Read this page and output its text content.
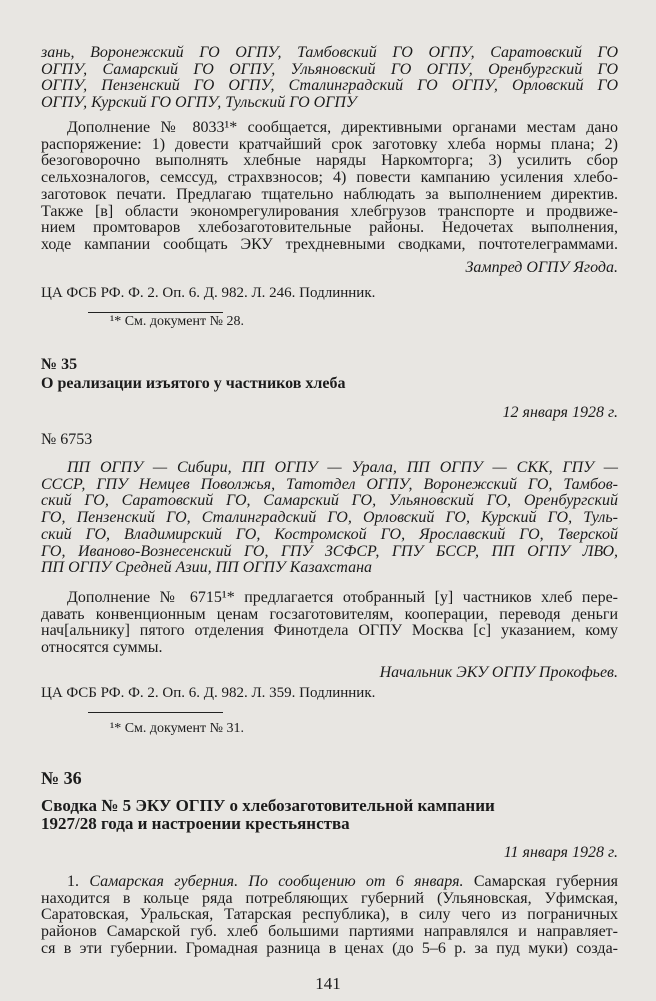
зань, Воронежский ГО ОГПУ, Тамбовский ГО ОГПУ, Саратовский ГО
ОГПУ, Самарский ГО ОГПУ, Ульяновский ГО ОГПУ, Оренбургский ГО
ОГПУ, Пензенский ГО ОГПУ, Сталинградский ГО ОГПУ, Орловский ГО
ОГПУ, Курский ГО ОГПУ, Тульский ГО ОГПУ
Дополнение № 8033¹* сообщается, директивными органами местам дано
распоряжение: 1) довести кратчайший срок заготовку хлеба нормы плана; 2)
безоговорочно выполнять хлебные наряды Наркомторга; 3) усилить сбор
сельхозналогов, семссуд, страхвзносов; 4) повести кампанию усиления хлебо-
заготовок печати. Предлагаю тщательно наблюдать за выполнением директив.
Также [в] области экономрегулирования хлебгрузов транспорте и продвиже-
нием промтоваров хлебозаготовительные районы. Недочетах выполнения,
ходе кампании сообщать ЭКУ трехдневными сводками, почтотелеграммами.
Зампред ОГПУ Ягода.
ЦА ФСБ РФ. Ф. 2. Оп. 6. Д. 982. Л. 246. Подлинник.
¹* См. документ № 28.
№ 35
О реализации изъятого у частников хлеба
12 января 1928 г.
№ 6753
ПП ОГПУ — Сибири, ПП ОГПУ — Урала, ПП ОГПУ — СКК, ГПУ —
СССР, ГПУ Немцев Поволжья, Татотдел ОГПУ, Воронежский ГО, Тамбов-
ский ГО, Саратовский ГО, Самарский ГО, Ульяновский ГО, Оренбургский
ГО, Пензенский ГО, Сталинградский ГО, Орловский ГО, Курский ГО, Туль-
ский ГО, Владимирский ГО, Костромской ГО, Ярославский ГО, Тверской
ГО, Иваново-Вознесенский ГО, ГПУ ЗСФСР, ГПУ БССР, ПП ОГПУ ЛВО,
ПП ОГПУ Средней Азии, ПП ОГПУ Казахстана
Дополнение № 6715¹* предлагается отобранный [у] частников хлеб пере-
давать конвенционным ценам госзаготовителям, кооперации, переводя деньги
нач[альнику] пятого отделения Финотдела ОГПУ Москва [с] указанием, кому
относятся суммы.
Начальник ЭКУ ОГПУ Прокофьев.
ЦА ФСБ РФ. Ф. 2. Оп. 6. Д. 982. Л. 359. Подлинник.
¹* См. документ № 31.
№ 36
Сводка № 5 ЭКУ ОГПУ о хлебозаготовительной кампании
1927/28 года и настроении крестьянства
11 января 1928 г.
1. Самарская губерния. По сообщению от 6 января. Самарская губерния
находится в кольце ряда потребляющих губерний (Ульяновская, Уфимская,
Саратовская, Уральская, Татарская республика), в силу чего из пограничных
районов Самарской губ. хлеб большими партиями направлялся и направляет-
ся в эти губернии. Громадная разница в ценах (до 5–6 р. за пуд муки) созда-
141
